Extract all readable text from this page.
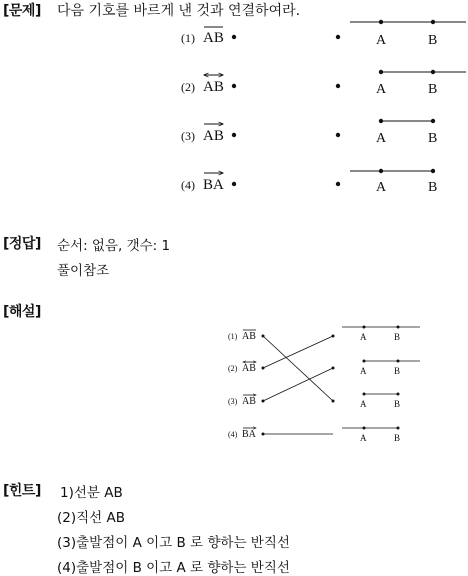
[문제] 다음 기호를 바르게 낸 것과 연결하여라.
(1) AB
(2) AB
(3) AB
(4) BA
A	B
A	B
A	B
A	B
[정답] 순서: 없음, 갯수: 1
풀이참조
[해설]
(1) AB
(2) AB
(3) AB
(4) BA
A	B
A	B
A	B
A	B
[힌트] 1)선분 AB
(2)직선 AB
(3)출발점이 A 이고 B 로 향하는 반직선
(4)출발점이 B 이고 A 로 향하는 반직선
